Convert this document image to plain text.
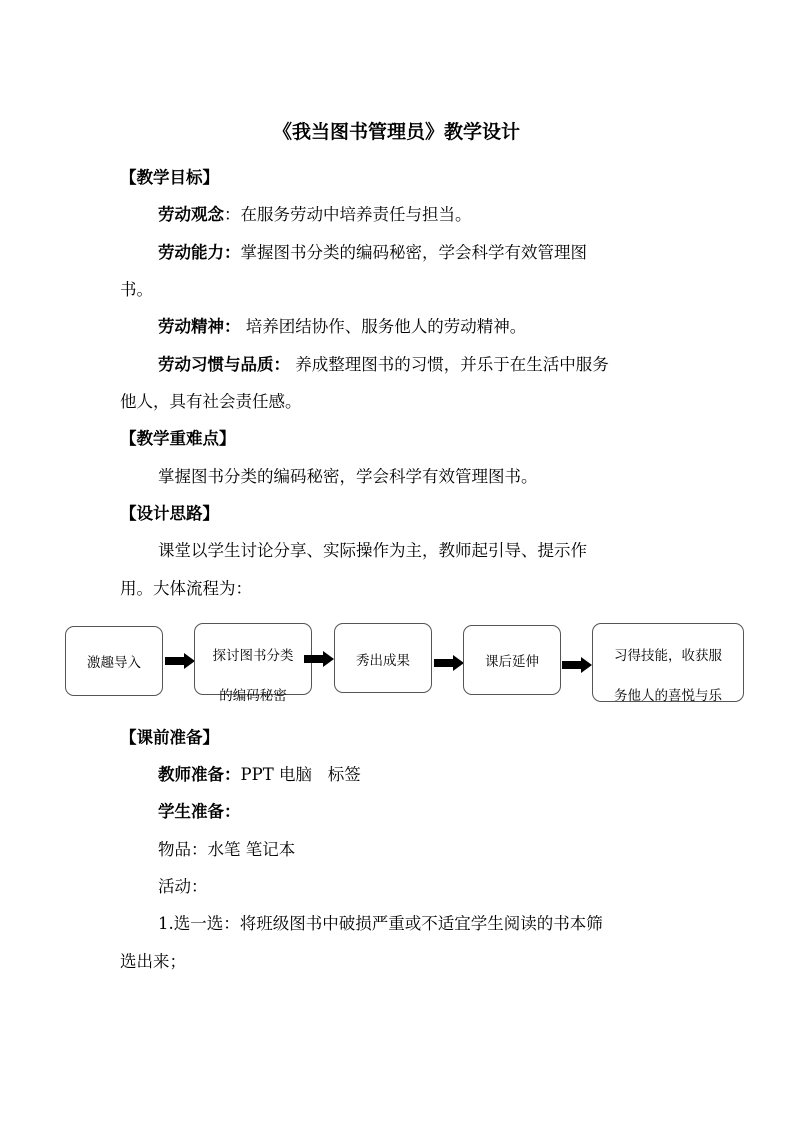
《我当图书管理员》教学设计
【教学目标】
劳动观念：在服务劳动中培养责任与担当。
劳动能力：掌握图书分类的编码秘密，学会科学有效管理图
书。
劳动精神： 培养团结协作、服务他人的劳动精神。
劳动习惯与品质： 养成整理图书的习惯，并乐于在生活中服务
他人，具有社会责任感。
【教学重难点】
掌握图书分类的编码秘密，学会科学有效管理图书。
【设计思路】
课堂以学生讨论分享、实际操作为主，教师起引导、提示作
用。大体流程为：
激趣导入	探讨图书分类
的编码秘密
秀出成果	课后延伸	习得技能，收获服
务他人的喜悦与乐
【课前准备】
教师准备：PPT 电脑   标签
学生准备：
物品：水笔 笔记本
活动：
1.选一选：将班级图书中破损严重或不适宜学生阅读的书本筛
选出来；
